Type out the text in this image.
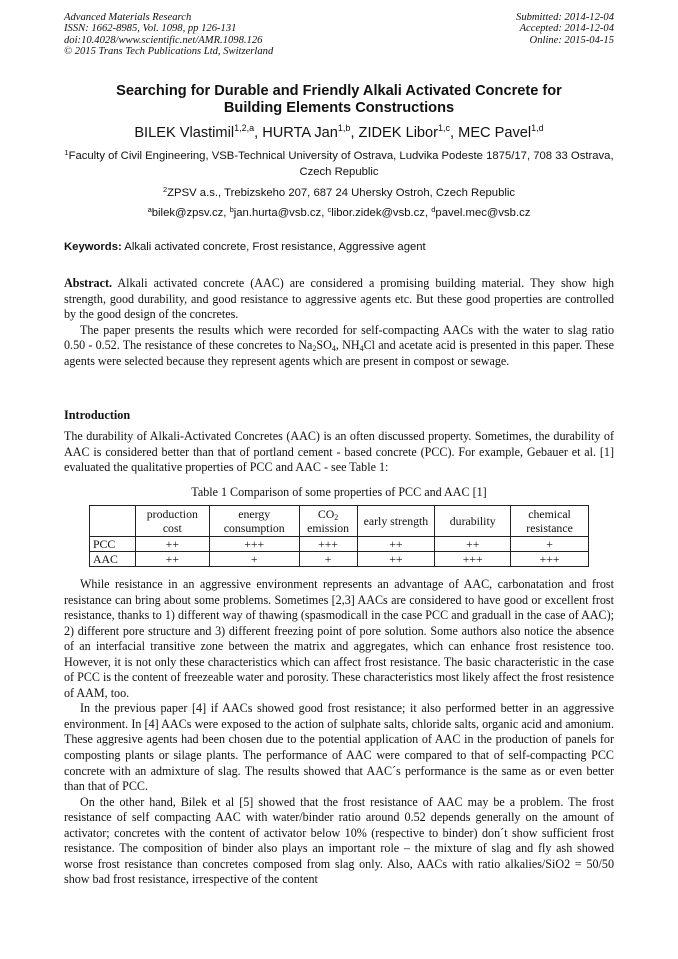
Advanced Materials Research
ISSN: 1662-8985, Vol. 1098, pp 126-131
doi:10.4028/www.scientific.net/AMR.1098.126
© 2015 Trans Tech Publications Ltd, Switzerland
Submitted: 2014-12-04
Accepted: 2014-12-04
Online: 2015-04-15
Searching for Durable and Friendly Alkali Activated Concrete for
Building Elements Constructions
BILEK Vlastimil$^{1,2,a}$, HURTA Jan$^{1,b}$, ZIDEK Libor$^{1,c}$, MEC Pavel$^{1,d}$
$^1$Faculty of Civil Engineering, VSB-Technical University of Ostrava, Ludvika Podeste 1875/17, 708 33 Ostrava, Czech Republic
$^2$ZPSV a.s., Trebizskeho 207, 687 24 Uhersky Ostroh, Czech Republic
$^a$bilek@zpsv.cz, $^b$jan.hurta@vsb.cz, $^c$libor.zidek@vsb.cz, $^d$pavel.mec@vsb.cz
Keywords: Alkali activated concrete, Frost resistance, Aggressive agent

Abstract. Alkali activated concrete (AAC) are considered a promising building material. They show high strength, good durability, and good resistance to aggressive agents etc. But these good properties are controlled by the good design of the concretes.

The paper presents the results which were recorded for self-compacting AACs with the water to slag ratio 0.50 - 0.52. The resistance of these concretes to $Na_2SO_4$, $NH_4Cl$ and acetate acid is presented in this paper. These agents were selected because they represent agents which are present in compost or sewage.

Introduction

The durability of Alkali-Activated Concretes (AAC) is an often discussed property. Sometimes, the durability of AAC is considered better than that of portland cement - based concrete (PCC). For example, Gebauer et al. [1] evaluated the qualitative properties of PCC and AAC - see Table 1:

Table 1 Comparison of some properties of PCC and AAC [1]
	production cost	energy consumption	$CO_2$ emission	early strength	durability	chemical resistance
PCC	++	+++	+++	++	++	+
AAC	++	+	+	++	+++	+++

While resistance in an aggressive environment represents an advantage of AAC, carbonatation and frost resistance can bring about some problems. Sometimes [2,3] AACs are considered to have good or excellent frost resistance, thanks to 1) different way of thawing (spasmodicall in the case PCC and graduall in the case of AAC); 2) different pore structure and 3) different freezing point of pore solution. Some authors also notice the absence of an interfacial transitive zone between the matrix and aggregates, which can enhance frost resistence too. However, it is not only these characteristics which can affect frost resistance. The basic characteristic in the case of PCC is the content of freezeable water and porosity. These characteristics most likely affect the frost resistence of AAM, too.

In the previous paper [4] if AACs showed good frost resistance; it also performed better in an aggressive environment. In [4] AACs were exposed to the action of sulphate salts, chloride salts, organic acid and amonium. These aggresive agents had been chosen due to the potential application of AAC in the production of panels for composting plants or silage plants. The performance of AAC were compared to that of self-compacting PCC concrete with an admixture of slag. The results showed that AAC´s performance is the same as or even better than that of PCC.

On the other hand, Bilek et al [5] showed that the frost resistance of AAC may be a problem. The frost resistance of self compacting AAC with water/binder ratio around 0.52 depends generally on the amount of activator; concretes with the content of activator below 10% (respective to binder) don´t show sufficient frost resistance. The composition of binder also plays an important role – the mixture of slag and fly ash showed worse frost resistance than concretes composed from slag only. Also, AACs with ratio alkalies/SiO2 = 50/50 show bad frost resistance, irrespective of the content
